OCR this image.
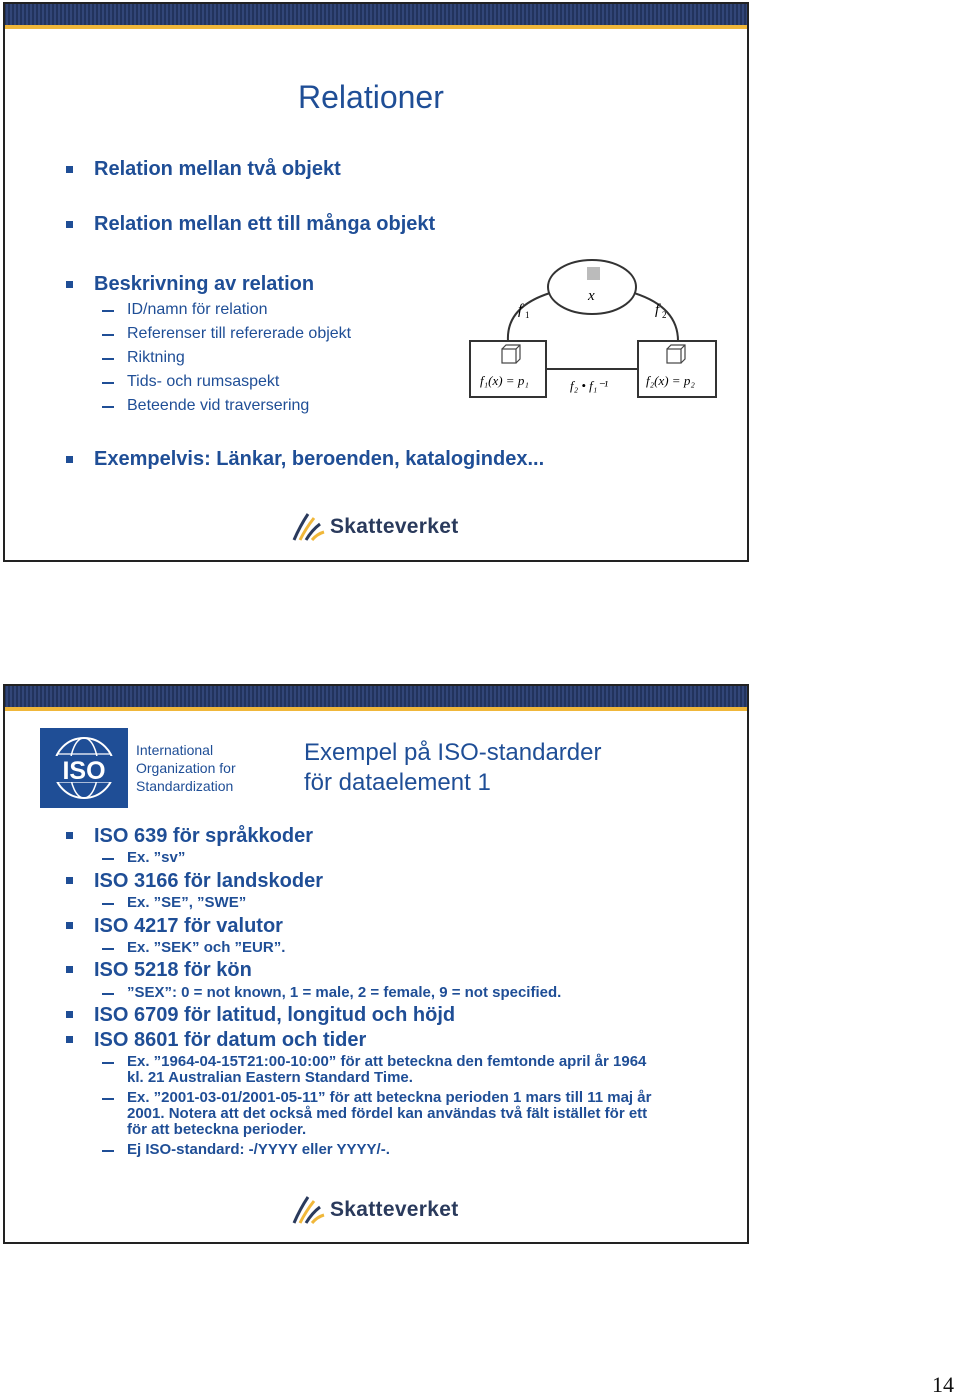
Relationer
Relation mellan två objekt
Relation mellan ett till många objekt
Beskrivning av relation
ID/namn för relation
Referenser till refererade objekt
Riktning
Tids- och rumsaspekt
Beteende vid traversering
Exempelvis: Länkar, beroenden, katalogindex...
x
f 1	f 2
f₁(x) = p₁	f₂ • f₁⁻¹	f₂(x) = p₂
Skatteverket
ISO
International
Organization for
Standardization
Exempel på ISO-standarder
för dataelement 1
ISO 639 för språkkoder
Ex. ”sv”
ISO 3166 för landskoder
Ex. ”SE”, ”SWE”
ISO 4217 för valutor
Ex. ”SEK” och ”EUR”.
ISO 5218 för kön
”SEX”: 0 = not known, 1 = male, 2 = female, 9 = not specified.
ISO 6709 för latitud, longitud och höjd
ISO 8601 för datum och tider
Ex. ”1964-04-15T21:00-10:00” för att beteckna den femtonde april år 1964 kl. 21 Australian Eastern Standard Time.
Ex. ”2001-03-01/2001-05-11” för att beteckna perioden 1 mars till 11 maj år 2001. Notera att det också med fördel kan användas två fält istället för ett för att beteckna perioder.
Ej ISO-standard: -/YYYY eller YYYY/-.
Skatteverket
14
